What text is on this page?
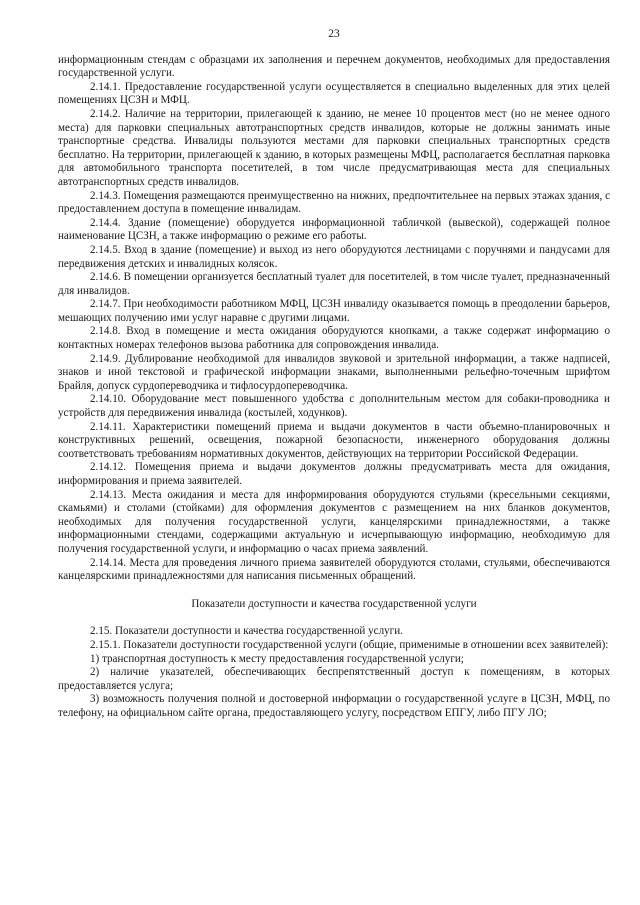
23

информационным стендам с образцами их заполнения и перечнем документов, необходимых для предоставления государственной услуги.

2.14.1. Предоставление государственной услуги осуществляется в специально выделенных для этих целей помещениях ЦСЗН и МФЦ.

2.14.2. Наличие на территории, прилегающей к зданию, не менее 10 процентов мест (но не менее одного места) для парковки специальных автотранспортных средств инвалидов, которые не должны занимать иные транспортные средства. Инвалиды пользуются местами для парковки специальных транспортных средств бесплатно. На территории, прилегающей к зданию, в которых размещены МФЦ, располагается бесплатная парковка для автомобильного транспорта посетителей, в том числе предусматривающая места для специальных автотранспортных средств инвалидов.

2.14.3. Помещения размещаются преимущественно на нижних, предпочтительнее на первых этажах здания, с предоставлением доступа в помещение инвалидам.

2.14.4. Здание (помещение) оборудуется информационной табличкой (вывеской), содержащей полное наименование ЦСЗН, а также информацию о режиме его работы.

2.14.5. Вход в здание (помещение) и выход из него оборудуются лестницами с поручнями и пандусами для передвижения детских и инвалидных колясок.

2.14.6. В помещении организуется бесплатный туалет для посетителей, в том числе туалет, предназначенный для инвалидов.

2.14.7. При необходимости работником МФЦ, ЦСЗН инвалиду оказывается помощь в преодолении барьеров, мешающих получению ими услуг наравне с другими лицами.

2.14.8. Вход в помещение и места ожидания оборудуются кнопками, а также содержат информацию о контактных номерах телефонов вызова работника для сопровождения инвалида.

2.14.9. Дублирование необходимой для инвалидов звуковой и зрительной информации, а также надписей, знаков и иной текстовой и графической информации знаками, выполненными рельефно-точечным шрифтом Брайля, допуск сурдопереводчика и тифлосурдопереводчика.

2.14.10. Оборудование мест повышенного удобства с дополнительным местом для собаки-проводника и устройств для передвижения инвалида (костылей, ходунков).

2.14.11. Характеристики помещений приема и выдачи документов в части объемно-планировочных и конструктивных решений, освещения, пожарной безопасности, инженерного оборудования должны соответствовать требованиям нормативных документов, действующих на территории Российской Федерации.

2.14.12. Помещения приема и выдачи документов должны предусматривать места для ожидания, информирования и приема заявителей.

2.14.13. Места ожидания и места для информирования оборудуются стульями (кресельными секциями, скамьями) и столами (стойками) для оформления документов с размещением на них бланков документов, необходимых для получения государственной услуги, канцелярскими принадлежностями, а также информационными стендами, содержащими актуальную и исчерпывающую информацию, необходимую для получения государственной услуги, и информацию о часах приема заявлений.

2.14.14. Места для проведения личного приема заявителей оборудуются столами, стульями, обеспечиваются канцелярскими принадлежностями для написания письменных обращений.

Показатели доступности и качества государственной услуги

2.15. Показатели доступности и качества государственной услуги.

2.15.1. Показатели доступности государственной услуги (общие, применимые в отношении всех заявителей):

1) транспортная доступность к месту предоставления государственной услуги;

2) наличие указателей, обеспечивающих беспрепятственный доступ к помещениям, в которых предоставляется услуга;

3) возможность получения полной и достоверной информации о государственной услуге в ЦСЗН, МФЦ, по телефону, на официальном сайте органа, предоставляющего услугу, посредством ЕПГУ, либо ПГУ ЛО;
